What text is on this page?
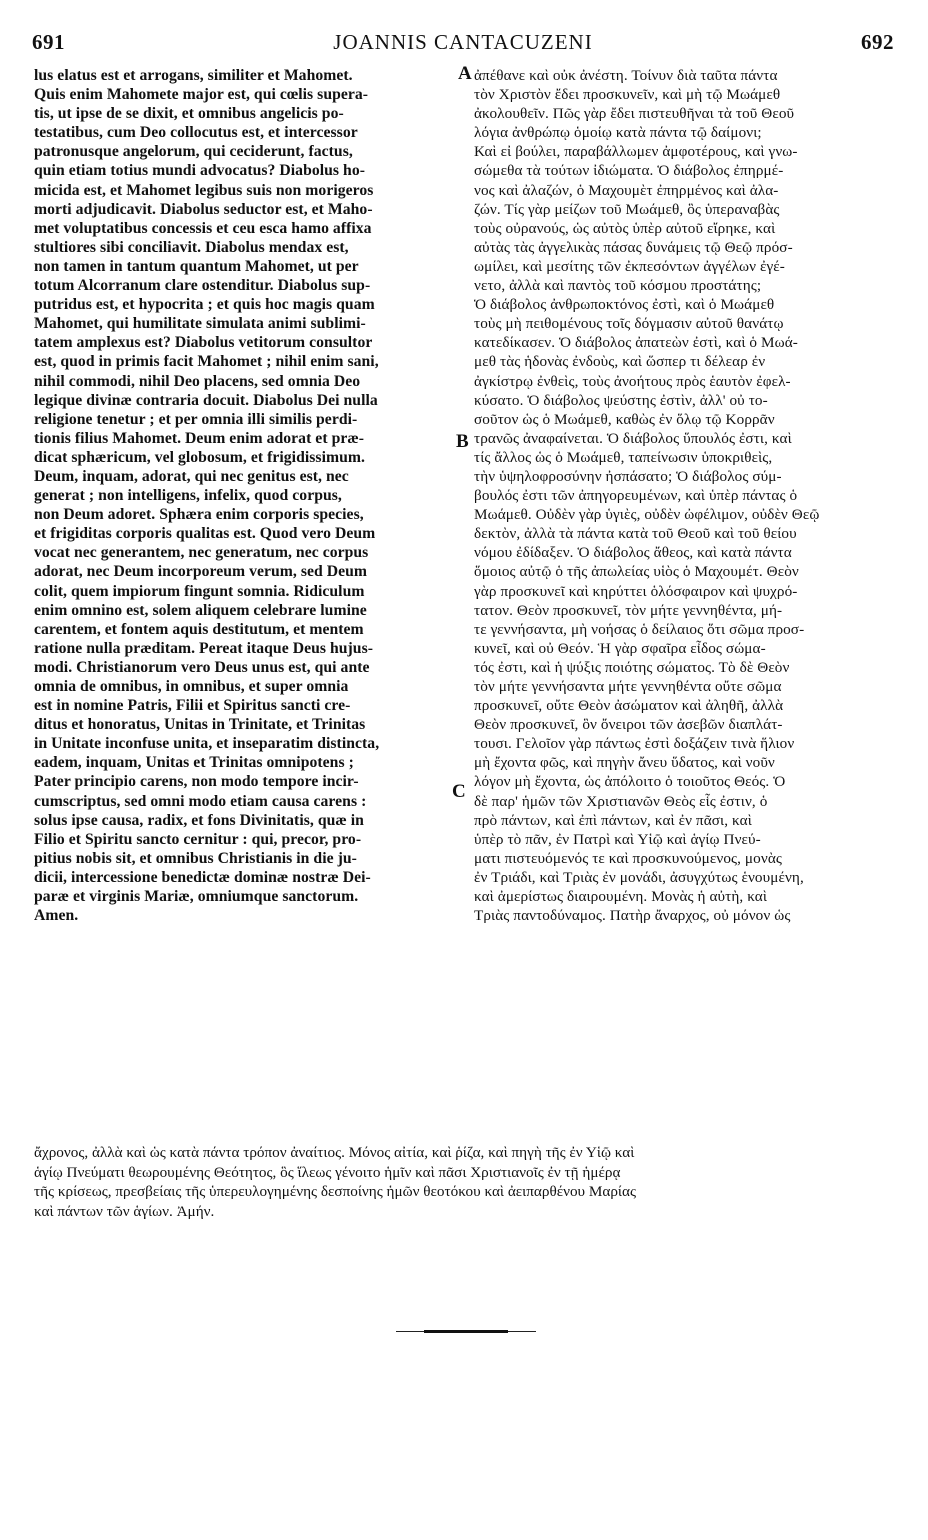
691	JOANNIS CANTACUZENI	692
lus elatus est et arrogans, similiter et Mahomet.
Quis enim Mahomete major est, qui cœlis supera-
tis, ut ipse de se dixit, et omnibus angelicis po-
testatibus, cum Deo collocutus est, et intercessor
patronusque angelorum, qui ceciderunt, factus,
quin etiam totius mundi advocatus? Diabolus ho-
micida est, et Mahomet legibus suis non morigeros
morti adjudicavit. Diabolus seductor est, et Maho-
met voluptatibus concessis et ceu esca hamo affixa
stultiores sibi conciliavit. Diabolus mendax est,
non tamen in tantum quantum Mahomet, ut per
totum Alcorranum clare ostenditur. Diabolus sup-
putridus est, et hypocrita ; et quis hoc magis quam
Mahomet, qui humilitate simulata animi sublimi-
tatem amplexus est? Diabolus vetitorum consultor
est, quod in primis facit Mahomet ; nihil enim sani,
nihil commodi, nihil Deo placens, sed omnia Deo
legique divinæ contraria docuit. Diabolus Dei nulla
religione tenetur ; et per omnia illi similis perdi-
tionis filius Mahomet. Deum enim adorat et præ-
dicat sphæricum, vel globosum, et frigidissimum.
Deum, inquam, adorat, qui nec genitus est, nec
generat ; non intelligens, infelix, quod corpus,
non Deum adoret. Sphæra enim corporis species,
et frigiditas corporis qualitas est. Quod vero Deum
vocat nec generantem, nec generatum, nec corpus
adorat, nec Deum incorporeum verum, sed Deum
colit, quem impiorum fingunt somnia. Ridiculum
enim omnino est, solem aliquem celebrare lumine
carentem, et fontem aquis destitutum, et mentem
ratione nulla præditam. Pereat itaque Deus hujus-
modi. Christianorum vero Deus unus est, qui ante
omnia de omnibus, in omnibus, et super omnia
est in nomine Patris, Filii et Spiritus sancti cre-
ditus et honoratus, Unitas in Trinitate, et Trinitas
in Unitate inconfuse unita, et inseparatim distincta,
eadem, inquam, Unitas et Trinitas omnipotens ;
Pater principio carens, non modo tempore incir-
cumscriptus, sed omni modo etiam causa carens :
solus ipse causa, radix, et fons Divinitatis, quæ in
Filio et Spiritu sancto cernitur : qui, precor, pro-
pitius nobis sit, et omnibus Christianis in die ju-
dicii, intercessione benedictæ dominæ nostræ Dei-
paræ et virginis Mariæ, omniumque sanctorum.
Amen.
A
B
C
ἀπέθανε καὶ οὐκ ἀνέστη. Τοίνυν διὰ ταῦτα πάντα
τὸν Χριστὸν ἔδει προσκυνεῖν, καὶ μὴ τῷ Μωάμεθ
ἀκολουθεῖν. Πῶς γὰρ ἔδει πιστευθῆναι τὰ τοῦ Θεοῦ
λόγια ἀνθρώπῳ ὁμοίῳ κατὰ πάντα τῷ δαίμονι;
Καὶ εἰ βούλει, παραβάλλωμεν ἀμφοτέρους, καὶ γνω-
σώμεθα τὰ τούτων ἰδιώματα. Ὁ διάβολος ἐπηρμέ-
νος καὶ ἀλαζών, ὁ Μαχουμὲτ ἐπηρμένος καὶ ἀλα-
ζών. Τίς γὰρ μείζων τοῦ Μωάμεθ, ὃς ὑπεραναβὰς
τοὺς οὐρανούς, ὡς αὐτὸς ὑπὲρ αὐτοῦ εἴρηκε, καὶ
αὐτὰς τὰς ἀγγελικὰς πάσας δυνάμεις τῷ Θεῷ πρόσ-
ωμίλει, καὶ μεσίτης τῶν ἐκπεσόντων ἀγγέλων ἐγέ-
νετο, ἀλλὰ καὶ παντὸς τοῦ κόσμου προστάτης;
Ὁ διάβολος ἀνθρωποκτόνος ἐστὶ, καὶ ὁ Μωάμεθ
τοὺς μὴ πειθομένους τοῖς δόγμασιν αὐτοῦ θανάτῳ
κατεδίκασεν. Ὁ διάβολος ἀπατεὼν ἐστὶ, καὶ ὁ Μωά-
μεθ τὰς ἡδονὰς ἐνδοὺς, καὶ ὥσπερ τι δέλεαρ ἐν
ἀγκίστρῳ ἐνθεὶς, τοὺς ἀνοήτους πρὸς ἑαυτὸν ἐφελ-
κύσατο. Ὁ διάβολος ψεύστης ἐστὶν, ἀλλ' οὐ το-
σοῦτον ὡς ὁ Μωάμεθ, καθὼς ἐν ὅλῳ τῷ Κορρᾶν
τρανῶς ἀναφαίνεται. Ὁ διάβολος ὕπουλός ἐστι, καὶ
τίς ἄλλος ὡς ὁ Μωάμεθ, ταπείνωσιν ὑποκριθεὶς,
τὴν ὑψηλοφροσύνην ἠσπάσατο; Ὁ διάβολος σύμ-
βουλός ἐστι τῶν ἀπηγορευμένων, καὶ ὑπὲρ πάντας ὁ
Μωάμεθ. Οὐδὲν γὰρ ὑγιὲς, οὐδὲν ὠφέλιμον, οὐδὲν Θεῷ
δεκτὸν, ἀλλὰ τὰ πάντα κατὰ τοῦ Θεοῦ καὶ τοῦ θείου
νόμου ἐδίδαξεν. Ὁ διάβολος ἄθεος, καὶ κατὰ πάντα
ὅμοιος αὐτῷ ὁ τῆς ἀπωλείας υἱὸς ὁ Μαχουμέτ. Θεὸν
γὰρ προσκυνεῖ καὶ κηρύττει ὁλόσφαιρον καὶ ψυχρό-
τατον. Θεὸν προσκυνεῖ, τὸν μήτε γεννηθέντα, μή-
τε γεννήσαντα, μὴ νοήσας ὁ δείλαιος ὅτι σῶμα προσ-
κυνεῖ, καὶ οὐ Θεόν. Ἡ γὰρ σφαῖρα εἶδος σώμα-
τός ἐστι, καὶ ἡ ψύξις ποιότης σώματος. Τὸ δὲ Θεὸν
τὸν μήτε γεννήσαντα μήτε γεννηθέντα οὔτε σῶμα
προσκυνεῖ, οὔτε Θεὸν ἀσώματον καὶ ἀληθῆ, ἀλλὰ
Θεὸν προσκυνεῖ, ὃν ὄνειροι τῶν ἀσεβῶν διαπλάτ-
τουσι. Γελοῖον γὰρ πάντως ἐστὶ δοξάζειν τινὰ ἥλιον
μὴ ἔχοντα φῶς, καὶ πηγὴν ἄνευ ὕδατος, καὶ νοῦν
λόγον μὴ ἔχοντα, ὡς ἀπόλοιτο ὁ τοιοῦτος Θεός. Ὁ
δὲ παρ' ἡμῶν τῶν Χριστιανῶν Θεὸς εἷς ἐστιν, ὁ
πρὸ πάντων, καὶ ἐπὶ πάντων, καὶ ἐν πᾶσι, καὶ
ὑπὲρ τὸ πᾶν, ἐν Πατρὶ καὶ Υἱῷ καὶ ἁγίῳ Πνεύ-
ματι πιστευόμενός τε καὶ προσκυνούμενος, μονὰς
ἐν Τριάδι, καὶ Τριὰς ἐν μονάδι, ἀσυγχύτως ἑνουμένη,
καὶ ἀμερίστως διαιρουμένη. Μονὰς ἡ αὐτὴ, καὶ
Τριὰς παντοδύναμος. Πατὴρ ἄναρχος, οὐ μόνον ὡς
ἄχρονος, ἀλλὰ καὶ ὡς κατὰ πάντα τρόπον ἀναίτιος. Μόνος αἰτία, καὶ ῥίζα, καὶ πηγὴ τῆς ἐν Υἱῷ καὶ
ἁγίῳ Πνεύματι θεωρουμένης Θεότητος, ὃς ἵλεως γένοιτο ἡμῖν καὶ πᾶσι Χριστιανοῖς ἐν τῇ ἡμέρᾳ
τῆς κρίσεως, πρεσβείαις τῆς ὑπερευλογημένης δεσποίνης ἡμῶν θεοτόκου καὶ ἀειπαρθένου Μαρίας
καὶ πάντων τῶν ἁγίων. Ἀμήν.
